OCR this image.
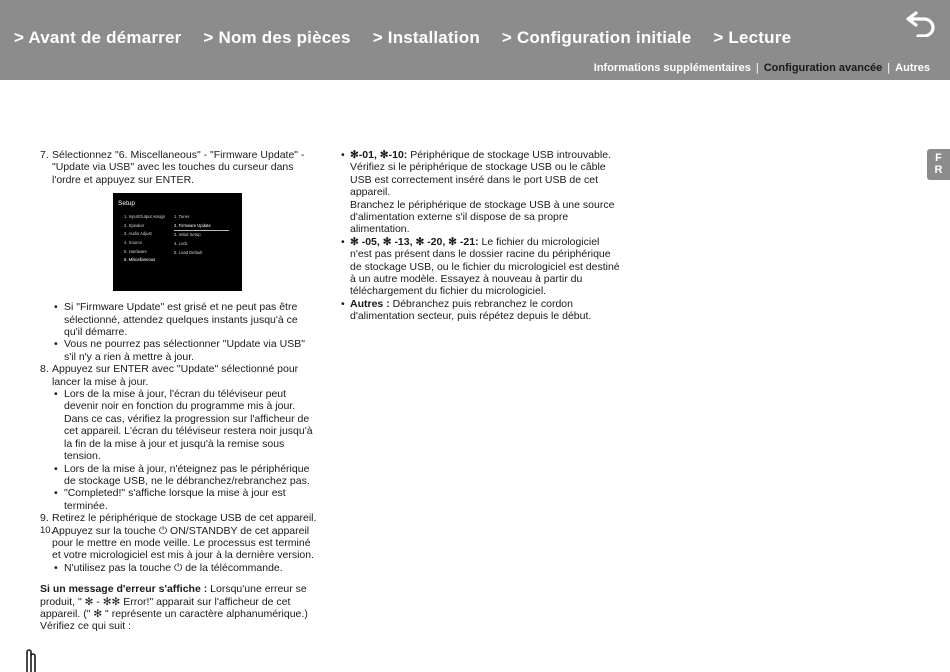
> Avant de démarrer > Nom des pièces > Installation > Configuration initiale > Lecture
Informations supplémentaires | Configuration avancée | Autres
F
R
7. Sélectionnez "6. Miscellaneous" - "Firmware Update" - "Update via USB" avec les touches du curseur dans l'ordre et appuyez sur ENTER.
Setup
1. Input/Output Assign
2. Speaker
3. Audio Adjust
4. Source
5. Hardware
6. Miscellaneous
1. Tuner
2. Firmware Update
3. Initial Setup
4. Lock
5. Load Default
• Si "Firmware Update" est grisé et ne peut pas être sélectionné, attendez quelques instants jusqu'à ce qu'il démarre.
• Vous ne pourrez pas sélectionner "Update via USB" s'il n'y a rien à mettre à jour.
8. Appuyez sur ENTER avec "Update" sélectionné pour lancer la mise à jour.
• Lors de la mise à jour, l'écran du téléviseur peut devenir noir en fonction du programme mis à jour. Dans ce cas, vérifiez la progression sur l'afficheur de cet appareil. L'écran du téléviseur restera noir jusqu'à la fin de la mise à jour et jusqu'à la remise sous tension.
• Lors de la mise à jour, n'éteignez pas le périphérique de stockage USB, ne le débranchez/rebranchez pas.
• "Completed!" s'affiche lorsque la mise à jour est terminée.
9. Retirez le périphérique de stockage USB de cet appareil.
10.
Appuyez sur la touche ⏻ ON/STANDBY de cet appareil pour le mettre en mode veille. Le processus est terminé et votre micrologiciel est mis à jour à la dernière version.
• N'utilisez pas la touche ⏻ de la télécommande.

Si un message d'erreur s'affiche : Lorsqu'une erreur se produit, " ✻ - ✻✻ Error!" apparait sur l'afficheur de cet appareil. (" ✻ " représente un caractère alphanumérique.) Vérifiez ce qui suit :

• ✻-01, ✻-10: Périphérique de stockage USB introuvable. Vérifiez si le périphérique de stockage USB ou le câble USB est correctement inséré dans le port USB de cet appareil.

Branchez le périphérique de stockage USB à une source d'alimentation externe s'il dispose de sa propre alimentation.

• ✻ -05, ✻ -13, ✻ -20, ✻ -21: Le fichier du micrologiciel n'est pas présent dans le dossier racine du périphérique de stockage USB, ou le fichier du micrologiciel est destiné à un autre modèle. Essayez à nouveau à partir du téléchargement du fichier du micrologiciel.

• Autres : Débranchez puis rebranchez le cordon d'alimentation secteur, puis répétez depuis le début.
